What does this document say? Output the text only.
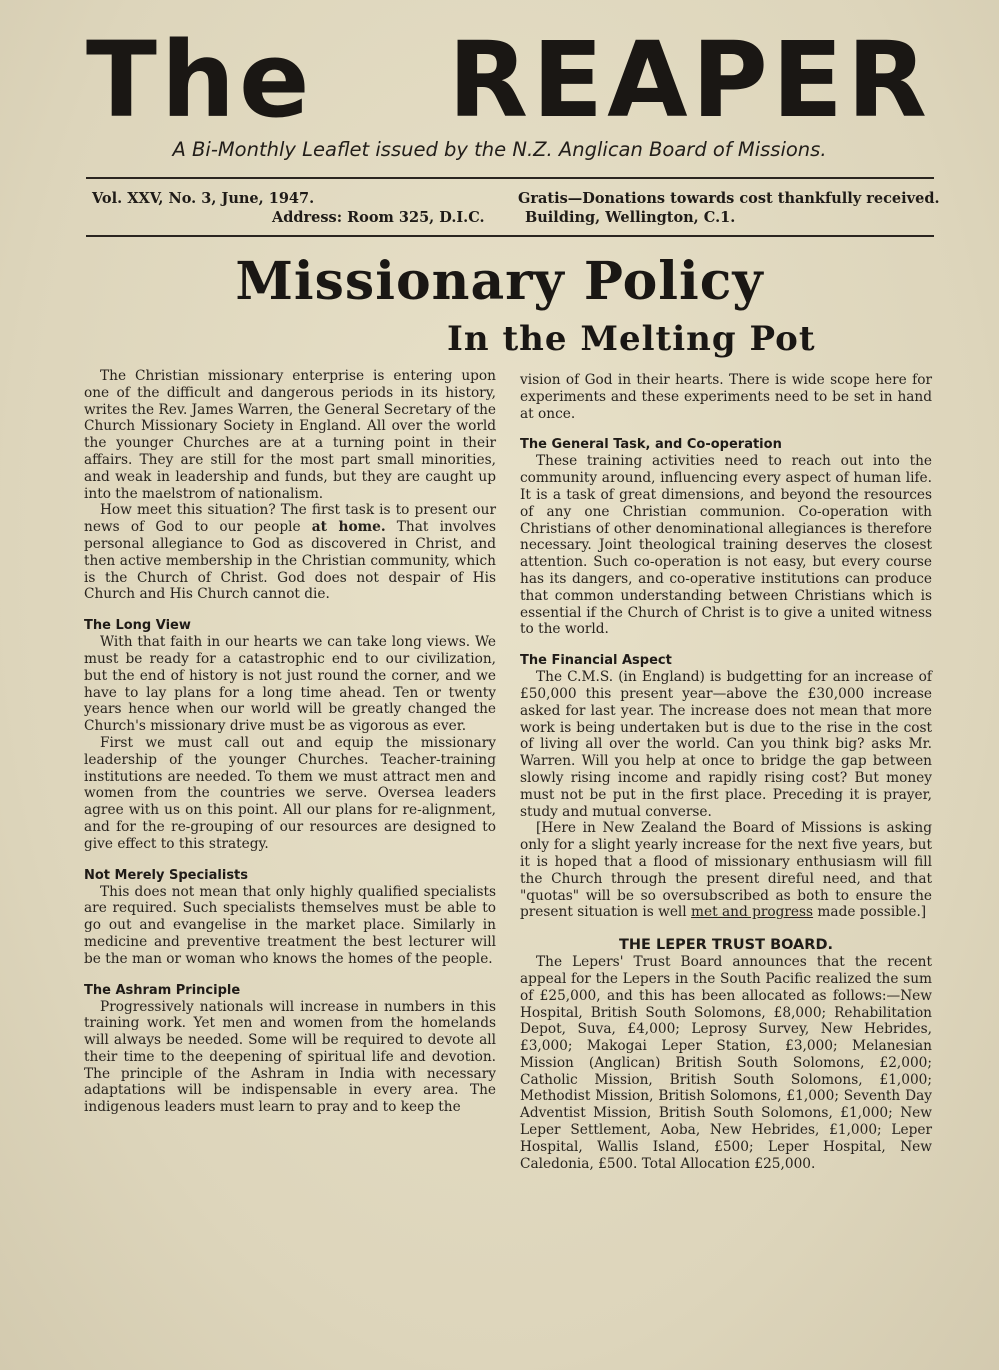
The REAPER
A Bi-Monthly Leaflet issued by the N.Z. Anglican Board of Missions.
Vol. XXV, No. 3, June, 1947.
Address: Room 325, D.I.C.
Gratis—Donations towards cost thankfully received.
Building, Wellington, C.1.
Missionary Policy
In the Melting Pot

The Christian missionary enterprise is entering upon one of the difficult and dangerous periods in its history, writes the Rev. James Warren, the General Secretary of the Church Missionary Society in England. All over the world the younger Churches are at a turning point in their affairs. They are still for the most part small minorities, and weak in leadership and funds, but they are caught up into the maelstrom of nationalism.

How meet this situation? The first task is to present our news of God to our people at home. That involves personal allegiance to God as discovered in Christ, and then active membership in the Christian community, which is the Church of Christ. God does not despair of His Church and His Church cannot die.

The Long View

With that faith in our hearts we can take long views. We must be ready for a catastrophic end to our civilization, but the end of history is not just round the corner, and we have to lay plans for a long time ahead. Ten or twenty years hence when our world will be greatly changed the Church's missionary drive must be as vigorous as ever.

First we must call out and equip the missionary leadership of the younger Churches. Teacher-training institutions are needed. To them we must attract men and women from the countries we serve. Oversea leaders agree with us on this point. All our plans for re-alignment, and for the re-grouping of our resources are designed to give effect to this strategy.

Not Merely Specialists

This does not mean that only highly qualified specialists are required. Such specialists themselves must be able to go out and evangelise in the market place. Similarly in medicine and preventive treatment the best lecturer will be the man or woman who knows the homes of the people.

The Ashram Principle

Progressively nationals will increase in numbers in this training work. Yet men and women from the homelands will always be needed. Some will be required to devote all their time to the deepening of spiritual life and devotion. The principle of the Ashram in India with necessary adaptations will be indispensable in every area. The indigenous leaders must learn to pray and to keep the

vision of God in their hearts. There is wide scope here for experiments and these experiments need to be set in hand at once.

The General Task, and Co-operation

These training activities need to reach out into the community around, influencing every aspect of human life. It is a task of great dimensions, and beyond the resources of any one Christian communion. Co-operation with Christians of other denominational allegiances is therefore necessary. Joint theological training deserves the closest attention. Such co-operation is not easy, but every course has its dangers, and co-operative institutions can produce that common understanding between Christians which is essential if the Church of Christ is to give a united witness to the world.

The Financial Aspect

The C.M.S. (in England) is budgetting for an increase of £50,000 this present year—above the £30,000 increase asked for last year. The increase does not mean that more work is being undertaken but is due to the rise in the cost of living all over the world. Can you think big? asks Mr. Warren. Will you help at once to bridge the gap between slowly rising income and rapidly rising cost? But money must not be put in the first place. Preceding it is prayer, study and mutual converse.

[Here in New Zealand the Board of Missions is asking only for a slight yearly increase for the next five years, but it is hoped that a flood of missionary enthusiasm will fill the Church through the present direful need, and that "quotas" will be so oversubscribed as both to ensure the present situation is well met and progress made possible.]

THE LEPER TRUST BOARD.

The Lepers' Trust Board announces that the recent appeal for the Lepers in the South Pacific realized the sum of £25,000, and this has been allocated as follows:—New Hospital, British South Solomons, £8,000; Rehabilitation Depot, Suva, £4,000; Leprosy Survey, New Hebrides, £3,000; Makogai Leper Station, £3,000; Melanesian Mission (Anglican) British South Solomons, £2,000; Catholic Mission, British South Solomons, £1,000; Methodist Mission, British Solomons, £1,000; Seventh Day Adventist Mission, British South Solomons, £1,000; New Leper Settlement, Aoba, New Hebrides, £1,000; Leper Hospital, Wallis Island, £500; Leper Hospital, New Caledonia, £500. Total Allocation £25,000.
